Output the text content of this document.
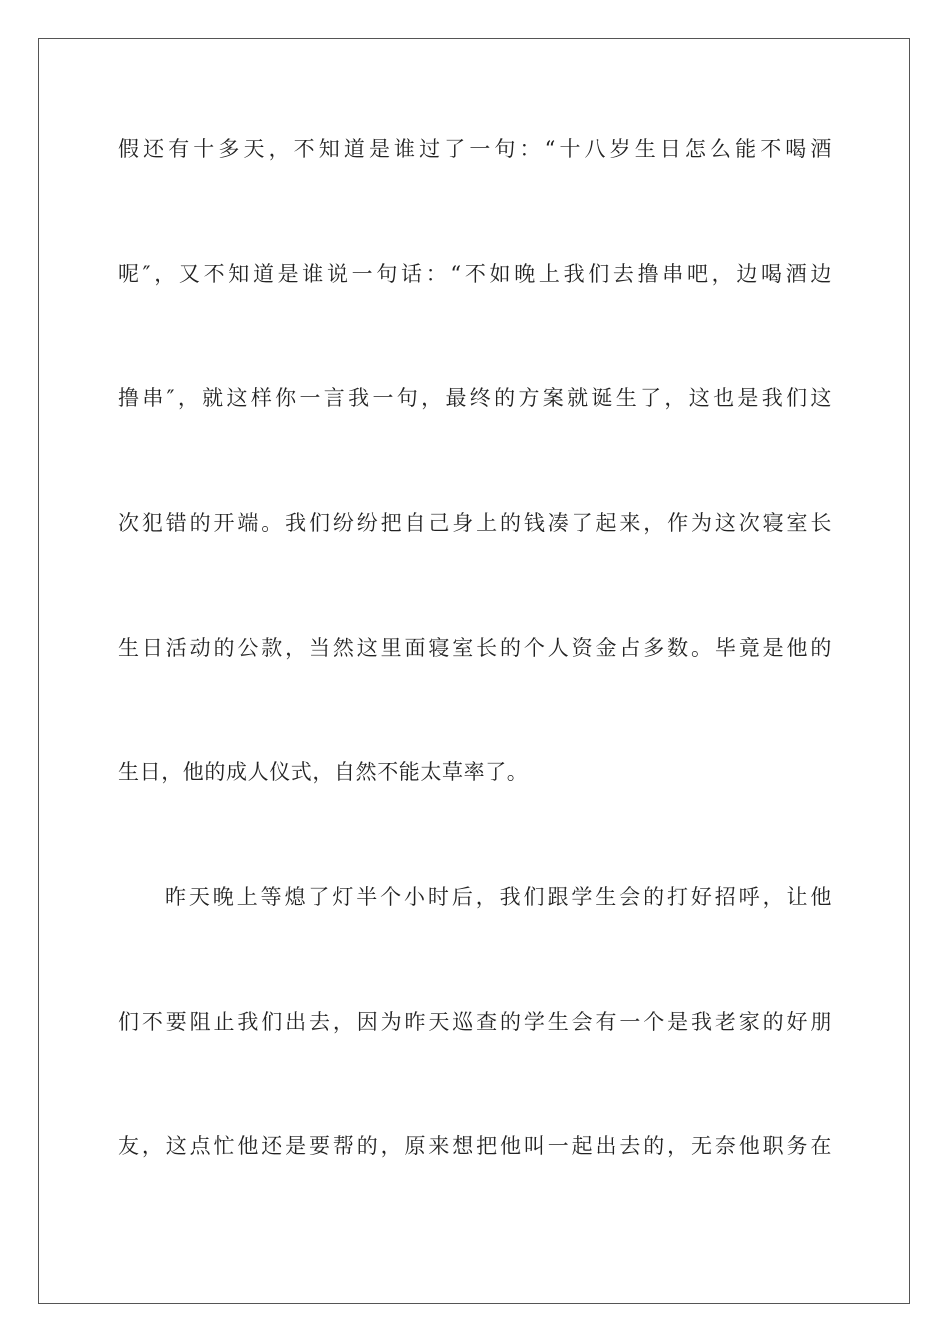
假还有十多天，不知道是谁过了一句：“十八岁生日怎么能不喝酒

呢″，又不知道是谁说一句话：“不如晚上我们去撸串吧，边喝酒边

撸串″，就这样你一言我一句，最终的方案就诞生了，这也是我们这

次犯错的开端。我们纷纷把自己身上的钱凑了起来，作为这次寝室长

生日活动的公款，当然这里面寝室长的个人资金占多数。毕竟是他的

生日，他的成人仪式，自然不能太草率了。

昨天晚上等熄了灯半个小时后，我们跟学生会的打好招呼，让他

们不要阻止我们出去，因为昨天巡查的学生会有一个是我老家的好朋

友，这点忙他还是要帮的，原来想把他叫一起出去的，无奈他职务在
